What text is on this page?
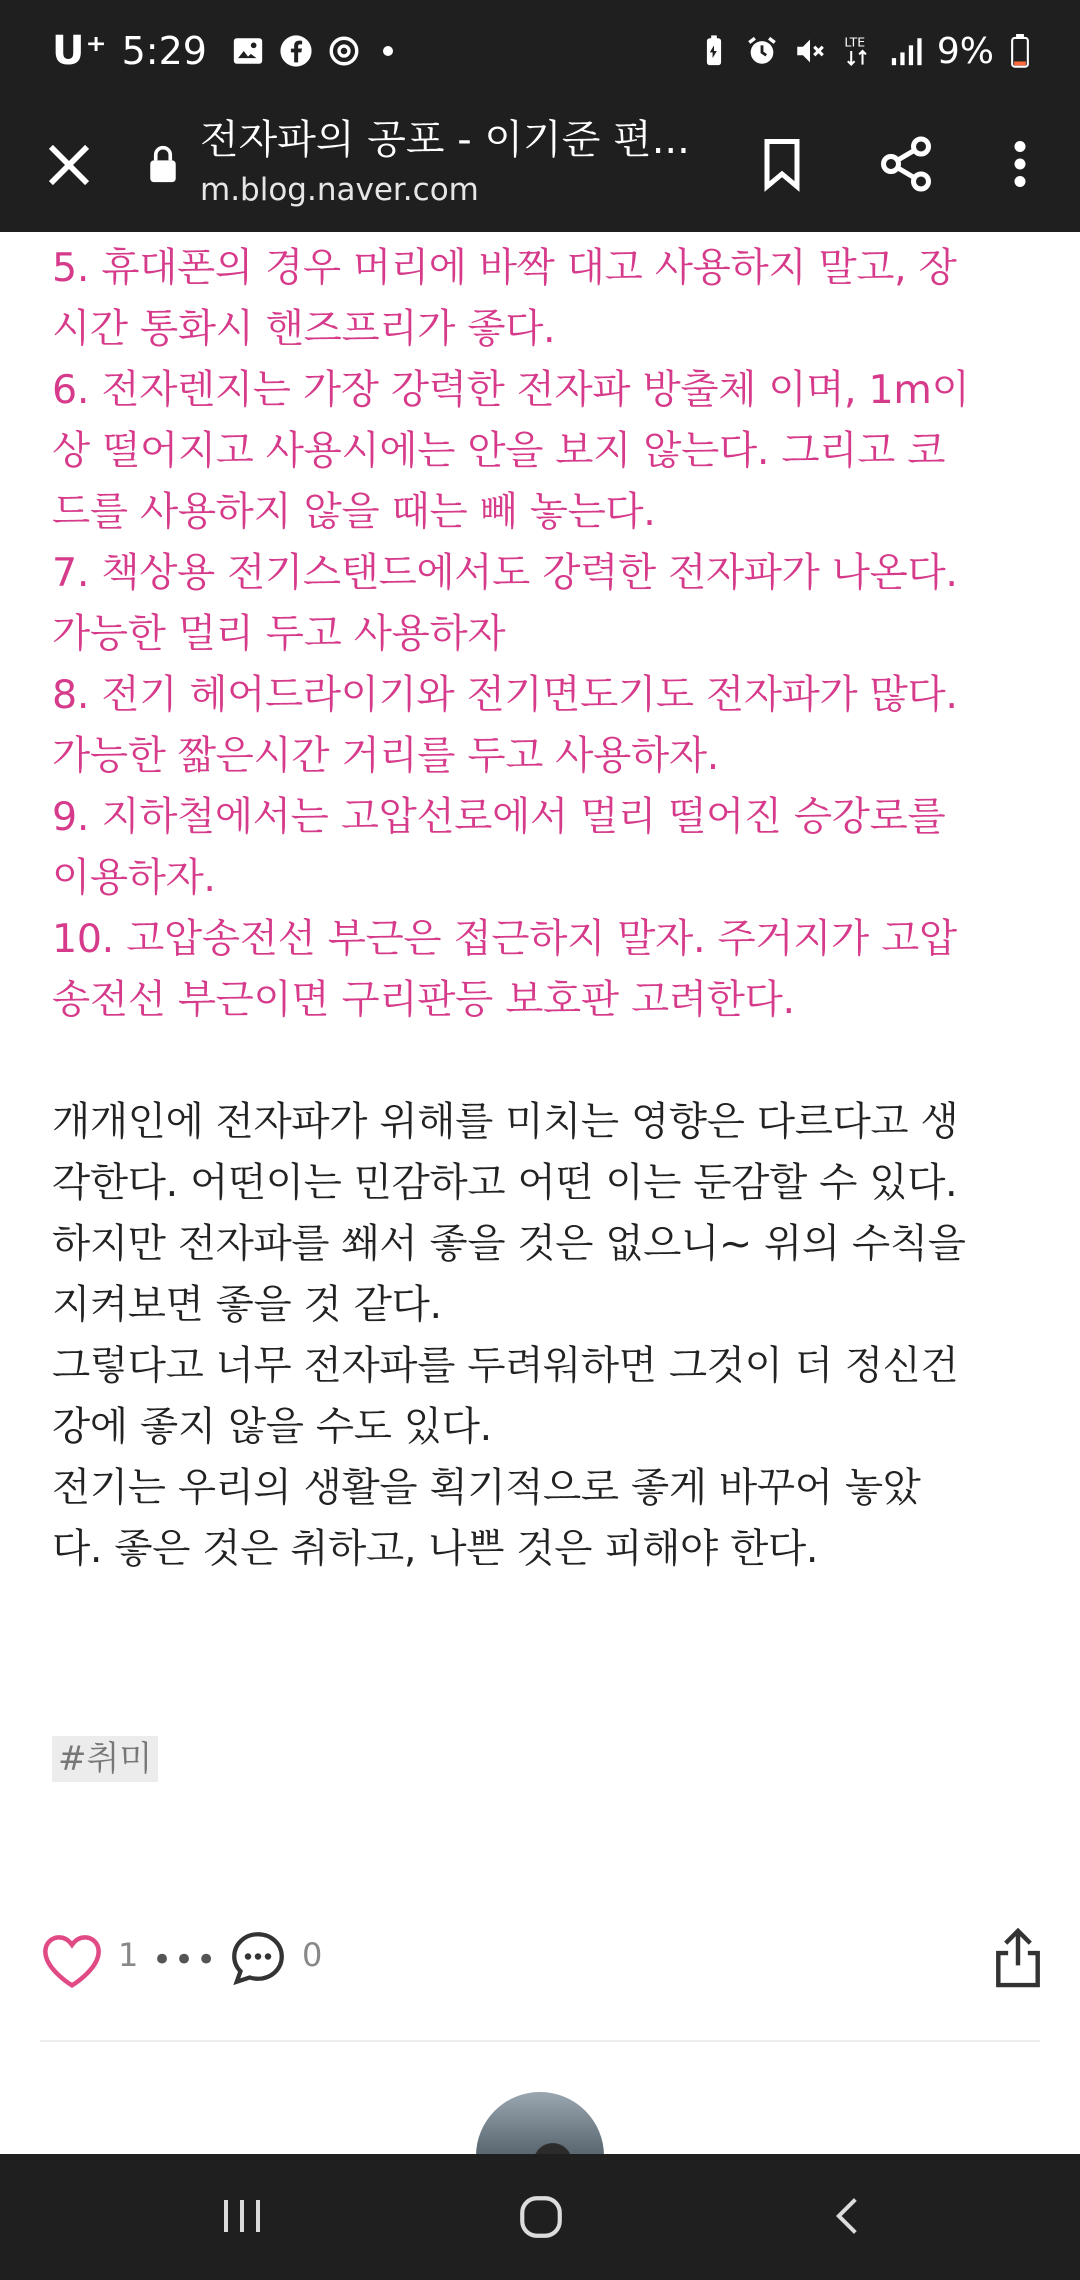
U⁺ 5:29	LTE 9%
전자파의 공포 - 이기준 편...
m.blog.naver.com

5. 휴대폰의 경우 머리에 바짝 대고 사용하지 말고, 장

시간 통화시 핸즈프리가 좋다.

6. 전자렌지는 가장 강력한 전자파 방출체 이며, 1m이

상 떨어지고 사용시에는 안을 보지 않는다. 그리고 코

드를 사용하지 않을 때는 빼 놓는다.

7. 책상용 전기스탠드에서도 강력한 전자파가 나온다.

가능한 멀리 두고 사용하자

8. 전기 헤어드라이기와 전기면도기도 전자파가 많다.

가능한 짧은시간 거리를 두고 사용하자.

9. 지하철에서는 고압선로에서 멀리 떨어진 승강로를

이용하자.

10. 고압송전선 부근은 접근하지 말자. 주거지가 고압

송전선 부근이면 구리판등 보호판 고려한다.

개개인에 전자파가 위해를 미치는 영향은 다르다고 생

각한다. 어떤이는 민감하고 어떤 이는 둔감할 수 있다.

하지만 전자파를 쐐서 좋을 것은 없으니~ 위의 수칙을

지켜보면 좋을 것 같다.

그렇다고 너무 전자파를 두려워하면 그것이 더 정신건

강에 좋지 않을 수도 있다.

전기는 우리의 생활을 획기적으로 좋게 바꾸어 놓았

다. 좋은 것은 취하고, 나쁜 것은 피해야 한다.

#취미
1 •••	0
